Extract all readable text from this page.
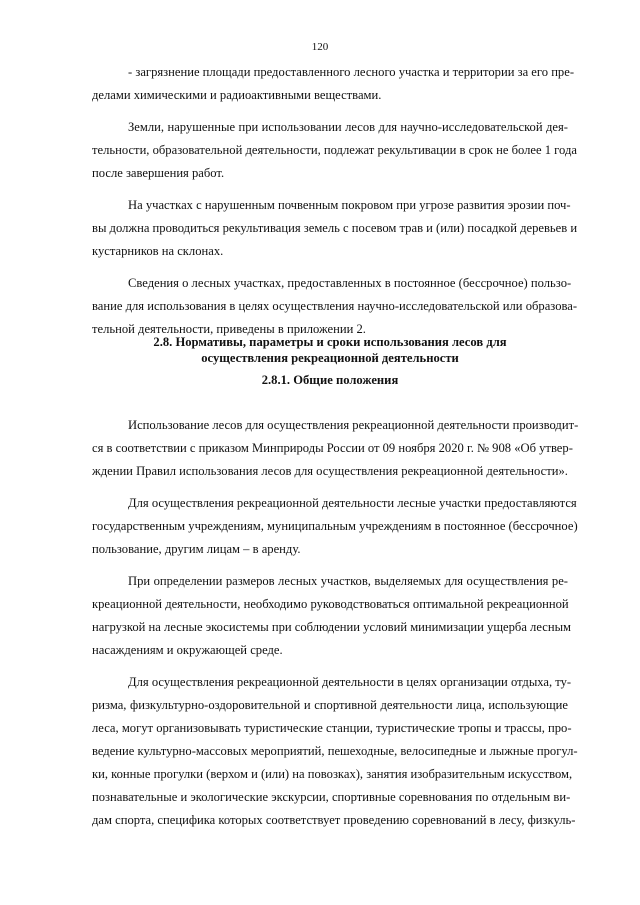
120
- загрязнение площади предоставленного лесного участка и территории за его пре-
делами химическими и радиоактивными веществами.
Земли, нарушенные при использовании лесов для научно-исследовательской дея-
тельности, образовательной деятельности, подлежат рекультивации в срок не более 1 года
после завершения работ.
На участках с нарушенным почвенным покровом при угрозе развития эрозии поч-
вы должна проводиться рекультивация земель с посевом трав и (или) посадкой деревьев и
кустарников на склонах.
Сведения о лесных участках, предоставленных в постоянное (бессрочное) пользо-
вание для использования в целях осуществления научно-исследовательской или образова-
тельной деятельности, приведены в приложении 2.
2.8. Нормативы, параметры и сроки использования лесов для
осуществления рекреационной деятельности
2.8.1. Общие положения
Использование лесов для осуществления рекреационной деятельности производит-
ся в соответствии с приказом Минприроды России от 09 ноября 2020 г. № 908 «Об утвер-
ждении Правил использования лесов для осуществления рекреационной деятельности».
Для осуществления рекреационной деятельности лесные участки предоставляются
государственным учреждениям, муниципальным учреждениям в постоянное (бессрочное)
пользование, другим лицам – в аренду.
При определении размеров лесных участков, выделяемых для осуществления ре-
креационной деятельности, необходимо руководствоваться оптимальной рекреационной
нагрузкой на лесные экосистемы при соблюдении условий минимизации ущерба лесным
насаждениям и окружающей среде.
Для осуществления рекреационной деятельности в целях организации отдыха, ту-
ризма, физкультурно-оздоровительной и спортивной деятельности лица, использующие
леса, могут организовывать туристические станции, туристические тропы и трассы, про-
ведение культурно-массовых мероприятий, пешеходные, велосипедные и лыжные прогул-
ки, конные прогулки (верхом и (или) на повозках), занятия изобразительным искусством,
познавательные и экологические экскурсии, спортивные соревнования по отдельным ви-
дам спорта, специфика которых соответствует проведению соревнований в лесу, физкуль-
